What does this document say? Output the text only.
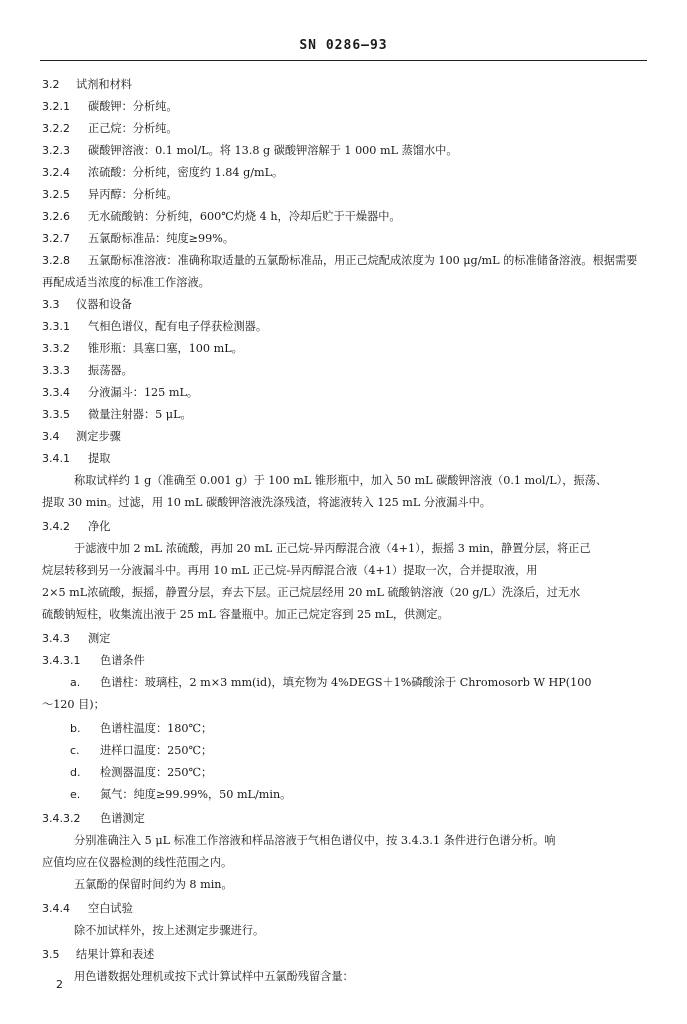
SN 0286—93
3.2 试剂和材料
3.2.1 碳酸钾：分析纯。
3.2.2 正己烷：分析纯。
3.2.3 碳酸钾溶液：0.1 mol/L。将 13.8 g 碳酸钾溶解于 1 000 mL 蒸馏水中。
3.2.4 浓硫酸：分析纯，密度约 1.84 g/mL。
3.2.5 异丙醇：分析纯。
3.2.6 无水硫酸钠：分析纯，600℃灼烧 4 h，冷却后贮于干燥器中。
3.2.7 五氯酚标准品：纯度≥99%。
3.2.8 五氯酚标准溶液：准确称取适量的五氯酚标准品，用正己烷配成浓度为 100 μg/mL 的标准储备溶液。根据需要再配成适当浓度的标准工作溶液。
3.3 仪器和设备
3.3.1 气相色谱仪，配有电子俘获检测器。
3.3.2 锥形瓶：具塞口塞，100 mL。
3.3.3 振荡器。
3.3.4 分液漏斗：125 mL。
3.3.5 微量注射器：5 μL。
3.4 测定步骤
3.4.1 提取
称取试样约 1 g（准确至 0.001 g）于 100 mL 锥形瓶中，加入 50 mL 碳酸钾溶液（0.1 mol/L），振荡、
提取 30 min。过滤，用 10 mL 碳酸钾溶液洗涤残渣，将滤液转入 125 mL 分液漏斗中。
3.4.2 净化
于滤液中加 2 mL 浓硫酸，再加 20 mL 正己烷-异丙醇混合液（4+1），振摇 3 min，静置分层，将正己
烷层转移到另一分液漏斗中。再用 10 mL 正己烷-异丙醇混合液（4+1）提取一次，合并提取液，用
2×5 mL浓硫酸，振摇，静置分层，弃去下层。正己烷层经用 20 mL 硫酸钠溶液（20 g/L）洗涤后，过无水
硫酸钠短柱，收集流出液于 25 mL 容量瓶中。加正己烷定容到 25 mL，供测定。
3.4.3 测定
3.4.3.1 色谱条件
a. 色谱柱：玻璃柱，2 m×3 mm(id)，填充物为 4%DEGS＋1%磷酸涂于 Chromosorb W HP(100
～120 目)；
b. 色谱柱温度：180℃；
c. 进样口温度：250℃；
d. 检测器温度：250℃；
e. 氮气：纯度≥99.99%，50 mL/min。
3.4.3.2 色谱测定
分别准确注入 5 μL 标准工作溶液和样品溶液于气相色谱仪中，按 3.4.3.1 条件进行色谱分析。响
应值均应在仪器检测的线性范围之内。
五氯酚的保留时间约为 8 min。
3.4.4 空白试验
除不加试样外，按上述测定步骤进行。
3.5 结果计算和表述
用色谱数据处理机或按下式计算试样中五氯酚残留含量：
2
